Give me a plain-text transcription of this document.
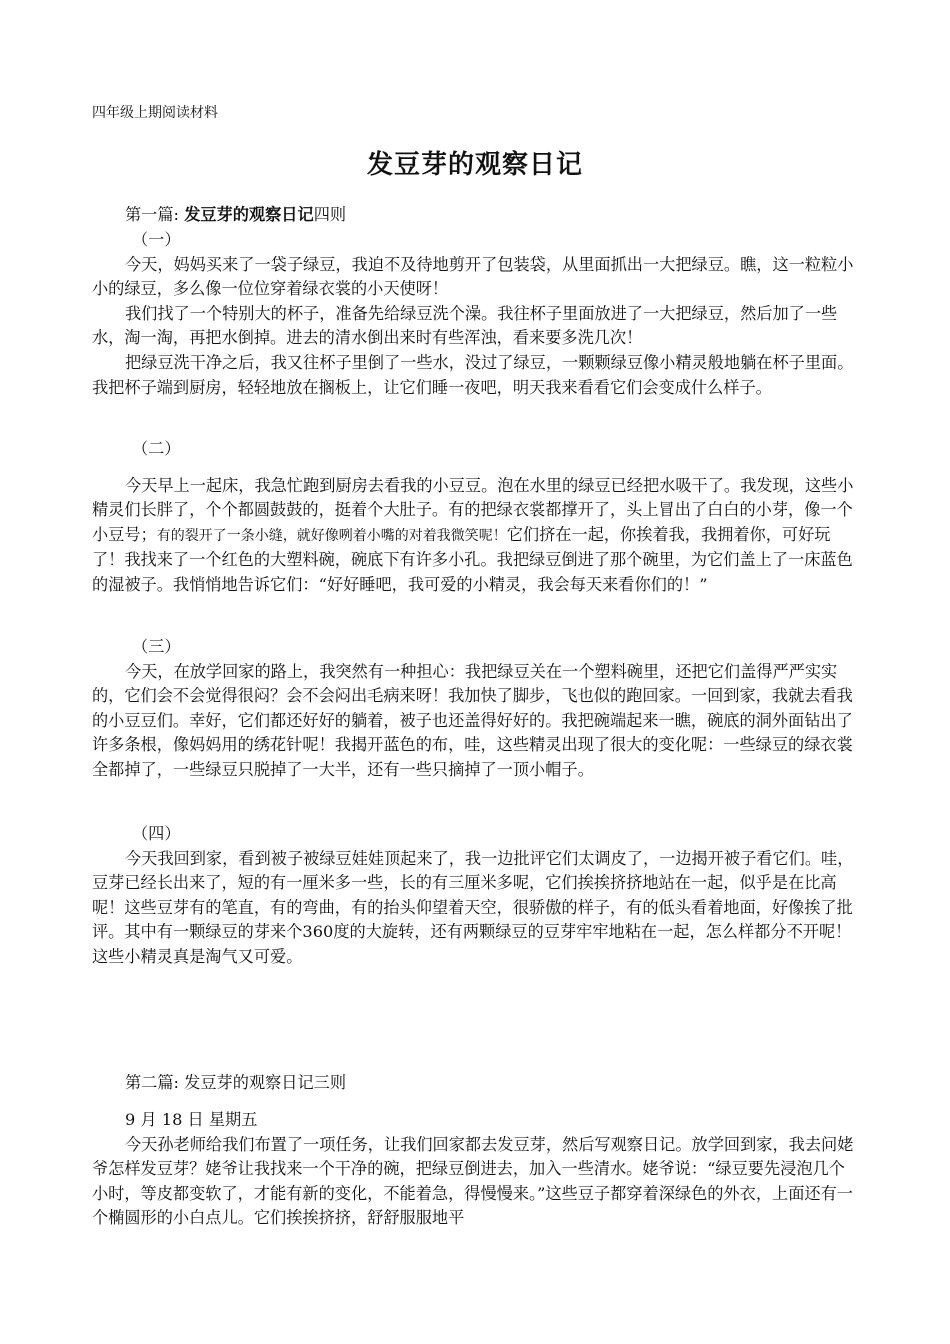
四年级上期阅读材料
发豆芽的观察日记

第一篇: 发豆芽的观察日记四则

（一）

今天，妈妈买来了一袋子绿豆，我迫不及待地剪开了包装袋，从里面抓出一大把绿豆。瞧，这一粒粒小小的绿豆，多么像一位位穿着绿衣裳的小天使呀！

我们找了一个特别大的杯子，准备先给绿豆洗个澡。我往杯子里面放进了一大把绿豆，然后加了一些水，淘一淘，再把水倒掉。进去的清水倒出来时有些浑浊，看来要多洗几次！

把绿豆洗干净之后，我又往杯子里倒了一些水，没过了绿豆，一颗颗绿豆像小精灵般地躺在杯子里面。我把杯子端到厨房，轻轻地放在搁板上，让它们睡一夜吧，明天我来看看它们会变成什么样子。

（二）

今天早上一起床，我急忙跑到厨房去看我的小豆豆。泡在水里的绿豆已经把水吸干了。我发现，这些小精灵们长胖了，个个都圆鼓鼓的，挺着个大肚子。有的把绿衣裳都撑开了，头上冒出了白白的小芽，像一个小豆号；有的裂开了一条小缝，就好像咧着小嘴的对着我微笑呢！它们挤在一起，你挨着我，我拥着你，可好玩了！我找来了一个红色的大塑料碗，碗底下有许多小孔。我把绿豆倒进了那个碗里，为它们盖上了一床蓝色的湿被子。我悄悄地告诉它们：“好好睡吧，我可爱的小精灵，我会每天来看你们的！”

（三）

今天，在放学回家的路上，我突然有一种担心：我把绿豆关在一个塑料碗里，还把它们盖得严严实实的，它们会不会觉得很闷？会不会闷出毛病来呀！我加快了脚步，飞也似的跑回家。一回到家，我就去看我的小豆豆们。幸好，它们都还好好的躺着，被子也还盖得好好的。我把碗端起来一瞧，碗底的洞外面钻出了许多条根，像妈妈用的绣花针呢！我揭开蓝色的布，哇，这些精灵出现了很大的变化呢：一些绿豆的绿衣裳全都掉了，一些绿豆只脱掉了一大半，还有一些只摘掉了一顶小帽子。

（四）

今天我回到家，看到被子被绿豆娃娃顶起来了，我一边批评它们太调皮了，一边揭开被子看它们。哇，豆芽已经长出来了，短的有一厘米多一些，长的有三厘米多呢，它们挨挨挤挤地站在一起，似乎是在比高呢！这些豆芽有的笔直，有的弯曲，有的抬头仰望着天空，很骄傲的样子，有的低头看着地面，好像挨了批评。其中有一颗绿豆的芽来个360度的大旋转，还有两颗绿豆的豆芽牢牢地粘在一起，怎么样都分不开呢！这些小精灵真是淘气又可爱。

第二篇: 发豆芽的观察日记三则

9 月 18 日 星期五

今天孙老师给我们布置了一项任务，让我们回家都去发豆芽，然后写观察日记。放学回到家，我去问姥爷怎样发豆芽？姥爷让我找来一个干净的碗，把绿豆倒进去，加入一些清水。姥爷说：“绿豆要先浸泡几个小时，等皮都变软了，才能有新的变化，不能着急，得慢慢来。”这些豆子都穿着深绿色的外衣，上面还有一个椭圆形的小白点儿。它们挨挨挤挤，舒舒服服地平
